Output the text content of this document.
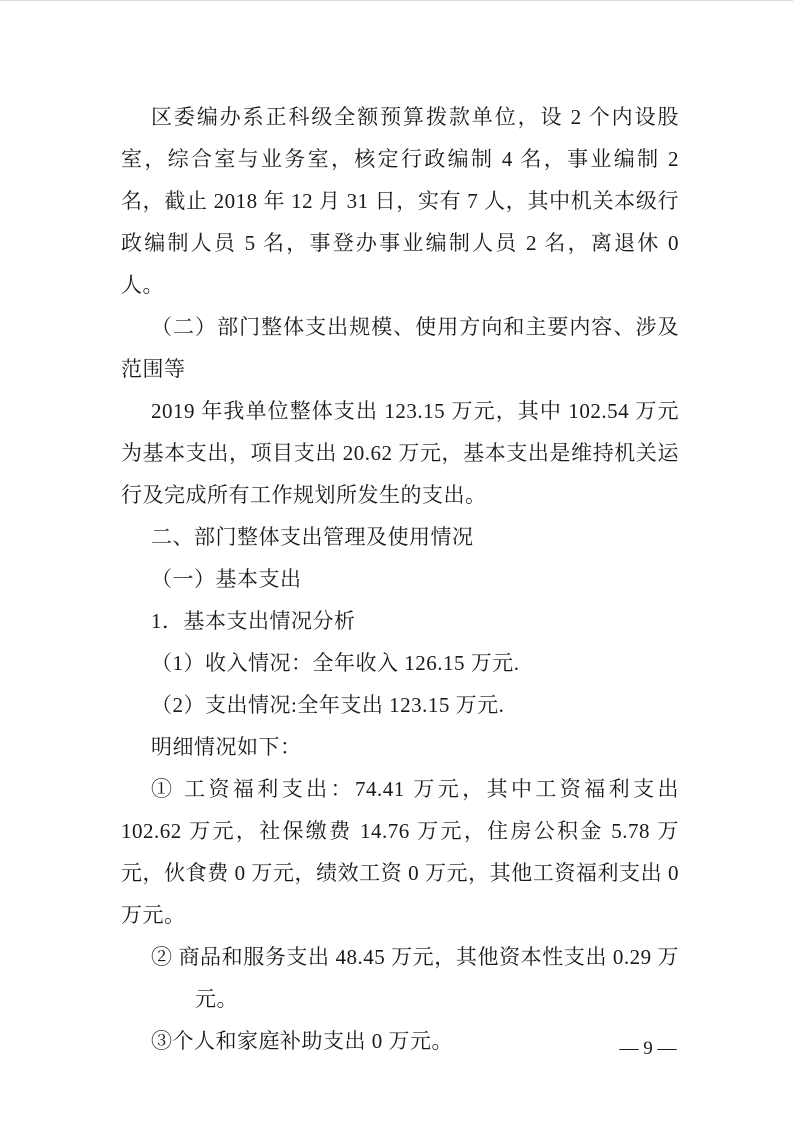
区委编办系正科级全额预算拨款单位，设 2 个内设股室，综合室与业务室，核定行政编制 4 名，事业编制 2 名，截止 2018 年 12 月 31 日，实有 7 人，其中机关本级行政编制人员 5 名，事登办事业编制人员 2 名，离退休 0 人。

（二）部门整体支出规模、使用方向和主要内容、涉及范围等

2019 年我单位整体支出 123.15 万元，其中 102.54 万元为基本支出，项目支出 20.62 万元，基本支出是维持机关运行及完成所有工作规划所发生的支出。

二、部门整体支出管理及使用情况

（一）基本支出

1．基本支出情况分析

（1）收入情况：全年收入 126.15 万元.

（2）支出情况:全年支出 123.15 万元.

明细情况如下：

① 工资福利支出：74.41 万元，其中工资福利支出 102.62 万元，社保缴费 14.76 万元，住房公积金 5.78 万元，伙食费 0 万元，绩效工资 0 万元，其他工资福利支出 0 万元。

② 商品和服务支出 48.45 万元，其他资本性支出 0.29 万元。

③个人和家庭补助支出 0 万元。	— 9 —
